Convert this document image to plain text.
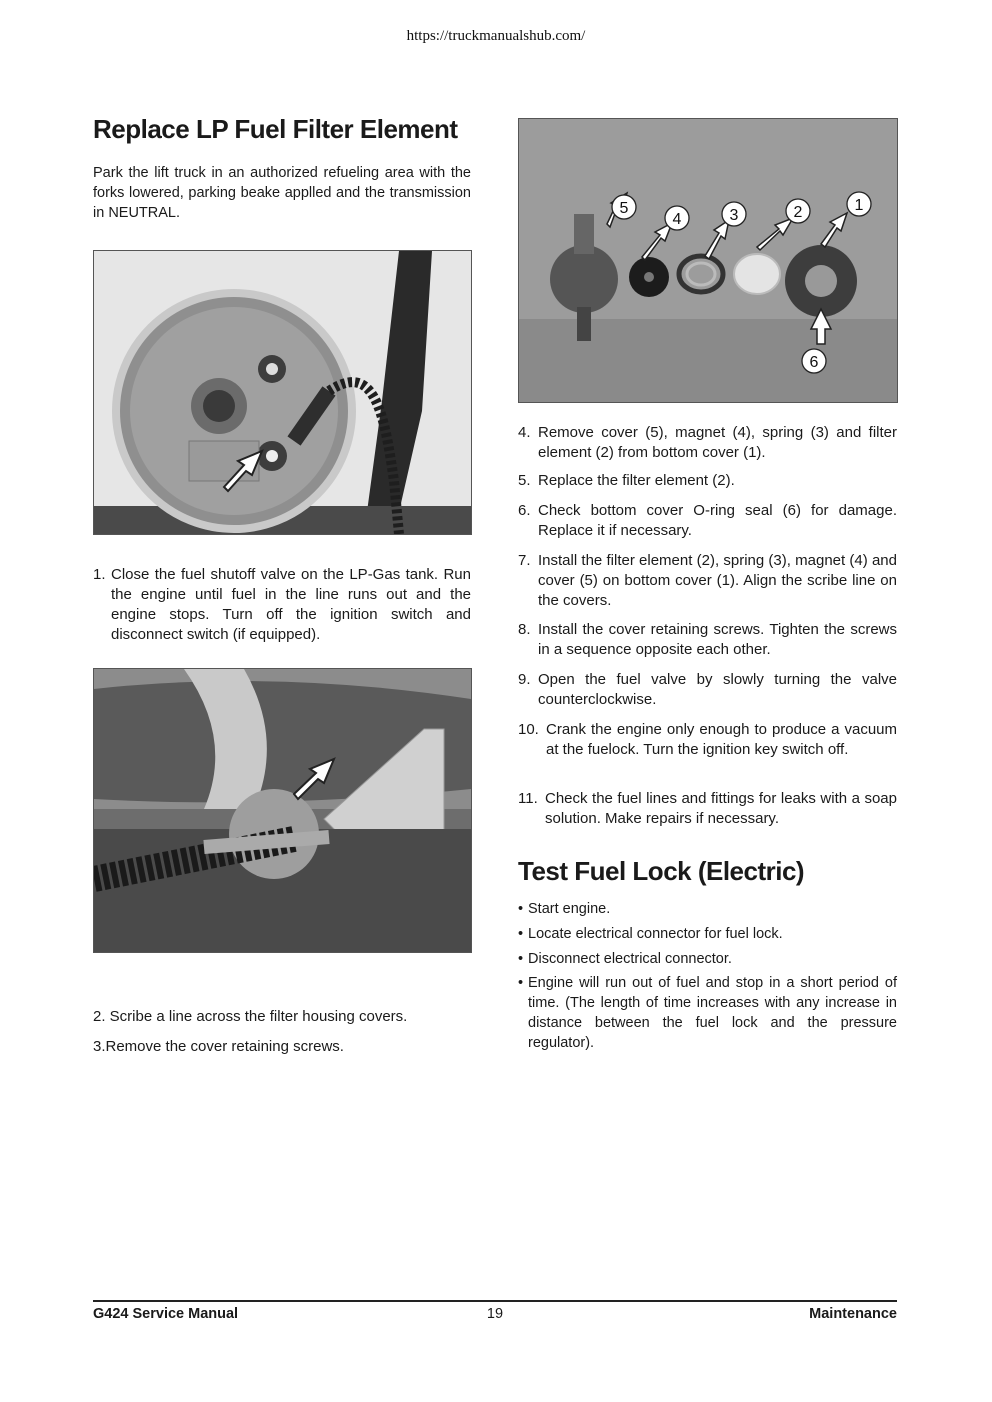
https://truckmanualshub.com/
Replace LP Fuel Filter Element

Park the lift truck in an authorized refueling area with the forks lowered, parking beake applled and the transmission in NEUTRAL.

1. Close the fuel shutoff valve on the LP-Gas tank. Run the engine until fuel in the line runs out and the engine stops. Turn off the ignition switch and disconnect switch (if equipped).
2. Scribe a line across the filter housing covers.
3.Remove the cover retaining screws.
5
4	3	2	1
6
4. Remove cover (5), magnet (4), spring (3) and filter element (2) from bottom cover (1).
5. Replace the filter element (2).
6. Check bottom cover O-ring seal (6) for damage. Replace it if necessary.
7. Install the filter element (2), spring (3), magnet (4) and cover (5) on bottom cover (1). Align the scribe line on the covers.
8. Install the cover retaining screws. Tighten the screws in a sequence opposite each other.
9. Open the fuel valve by slowly turning the valve counterclockwise.
10. Crank the engine only enough to produce a vacuum at the fuelock. Turn the ignition key switch off.
11. Check the fuel lines and fittings for leaks with a soap solution. Make repairs if necessary.
Test Fuel Lock (Electric)
• Start engine.
• Locate electrical connector for fuel lock.
• Disconnect electrical connector.
• Engine will run out of fuel and stop in a short period of time. (The length of time increases with any increase in distance between the fuel lock and the pressure regulator).
G424 Service Manual	19	Maintenance
